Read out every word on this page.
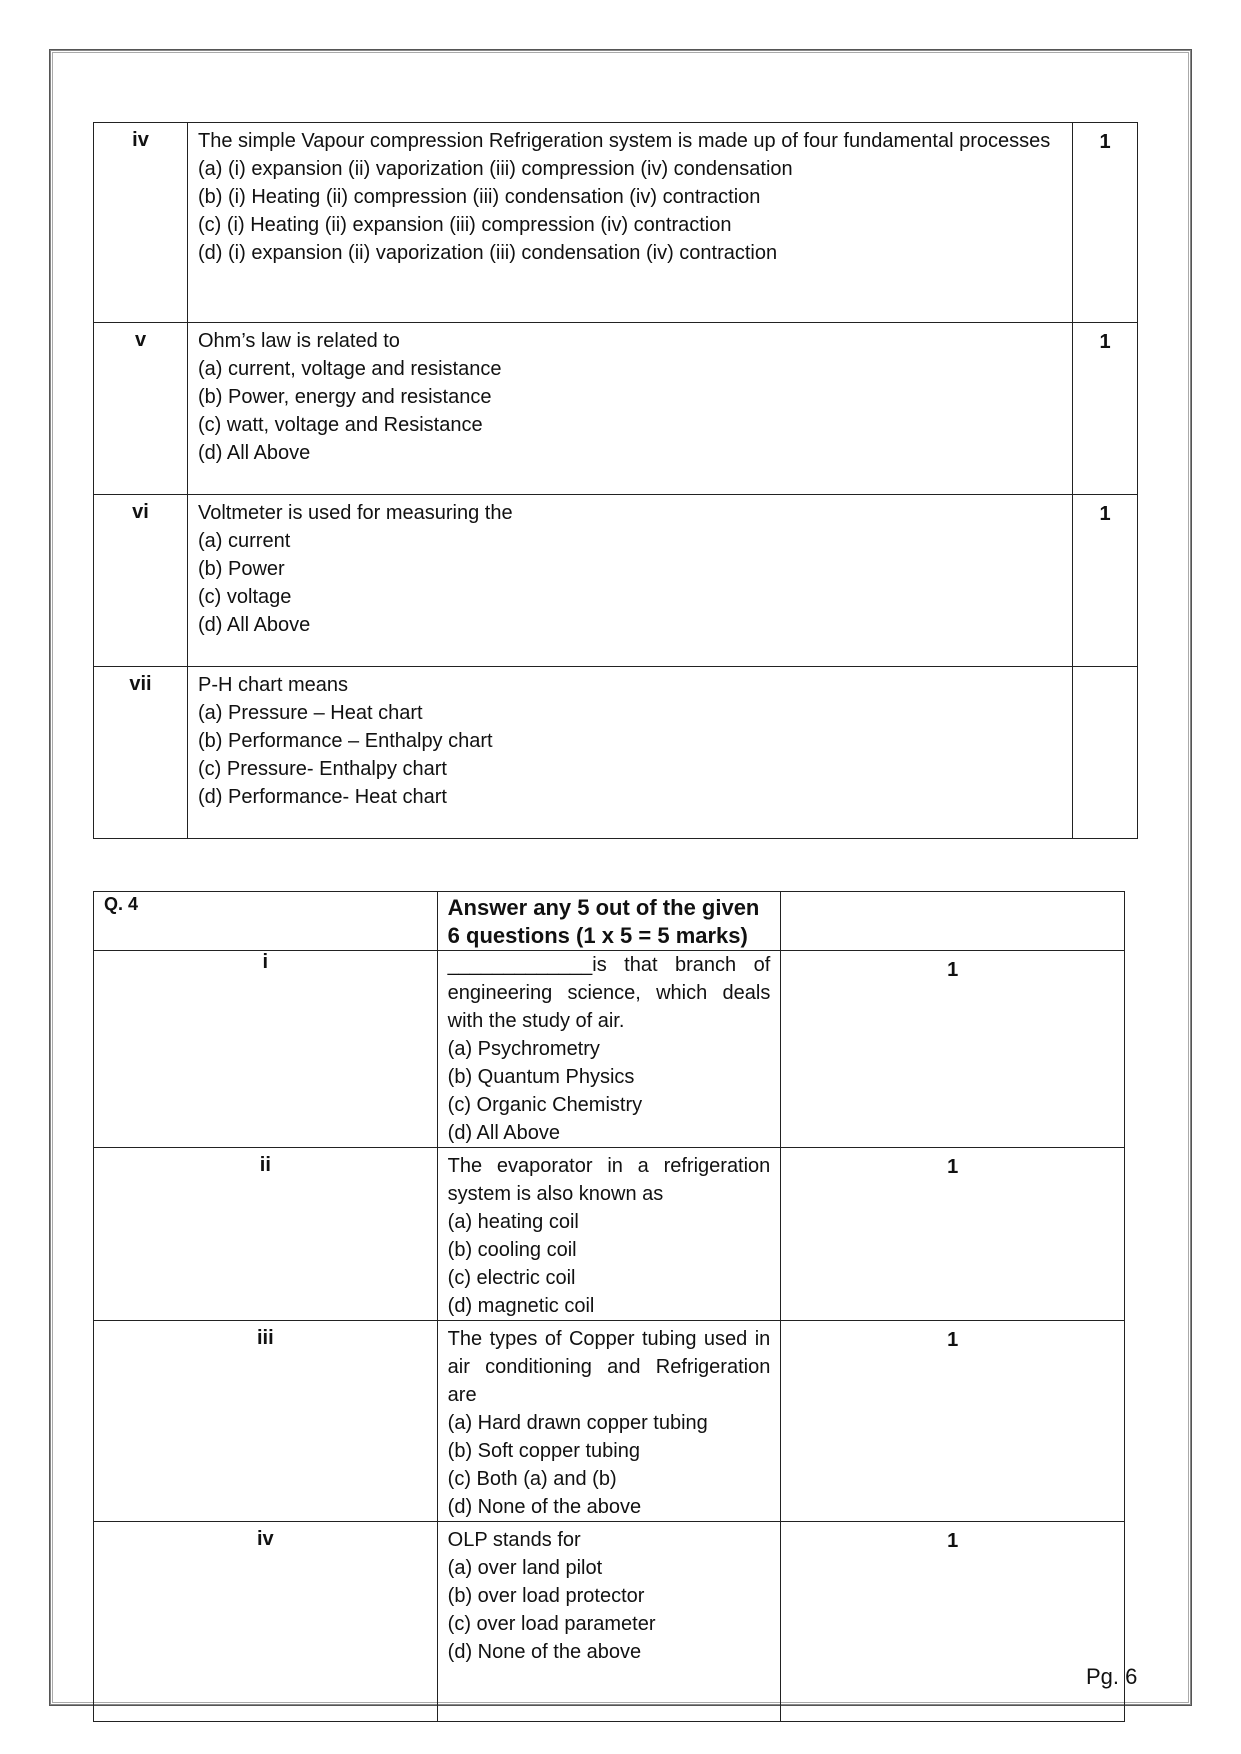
iv	The simple Vapour compression Refrigeration system is made up of four fundamental processes
(a) (i) expansion (ii) vaporization (iii) compression (iv) condensation
(b) (i) Heating (ii) compression (iii) condensation (iv) contraction
(c) (i) Heating (ii) expansion (iii) compression (iv) contraction
(d) (i) expansion (ii) vaporization (iii) condensation (iv) contraction	1
v	Ohm’s law is related to
(a) current, voltage and resistance
(b) Power, energy and resistance
(c) watt, voltage and Resistance
(d) All Above	1
vi	Voltmeter is used for measuring the
(a) current
(b) Power
(c) voltage
(d) All Above	1
vii	P-H chart means
(a) Pressure – Heat chart
(b) Performance – Enthalpy chart
(c) Pressure- Enthalpy chart
(d) Performance- Heat chart	

Q. 4	Answer any 5 out of the given 6 questions (1 x 5 = 5 marks)	
i	_____________is that branch of engineering science, which deals with the study of air.
(a) Psychrometry
(b) Quantum Physics
(c) Organic Chemistry
(d) All Above	1
ii	The evaporator in a refrigeration system is also known as
(a) heating coil
(b) cooling coil
(c) electric coil
(d) magnetic coil	1
iii	The types of Copper tubing used in air conditioning and Refrigeration are
(a) Hard drawn copper tubing
(b) Soft copper tubing
(c) Both (a) and (b)
(d) None of the above	1
iv	OLP stands for
(a) over land pilot
(b) over load protector
(c) over load parameter
(d) None of the above	1
Pg. 6
